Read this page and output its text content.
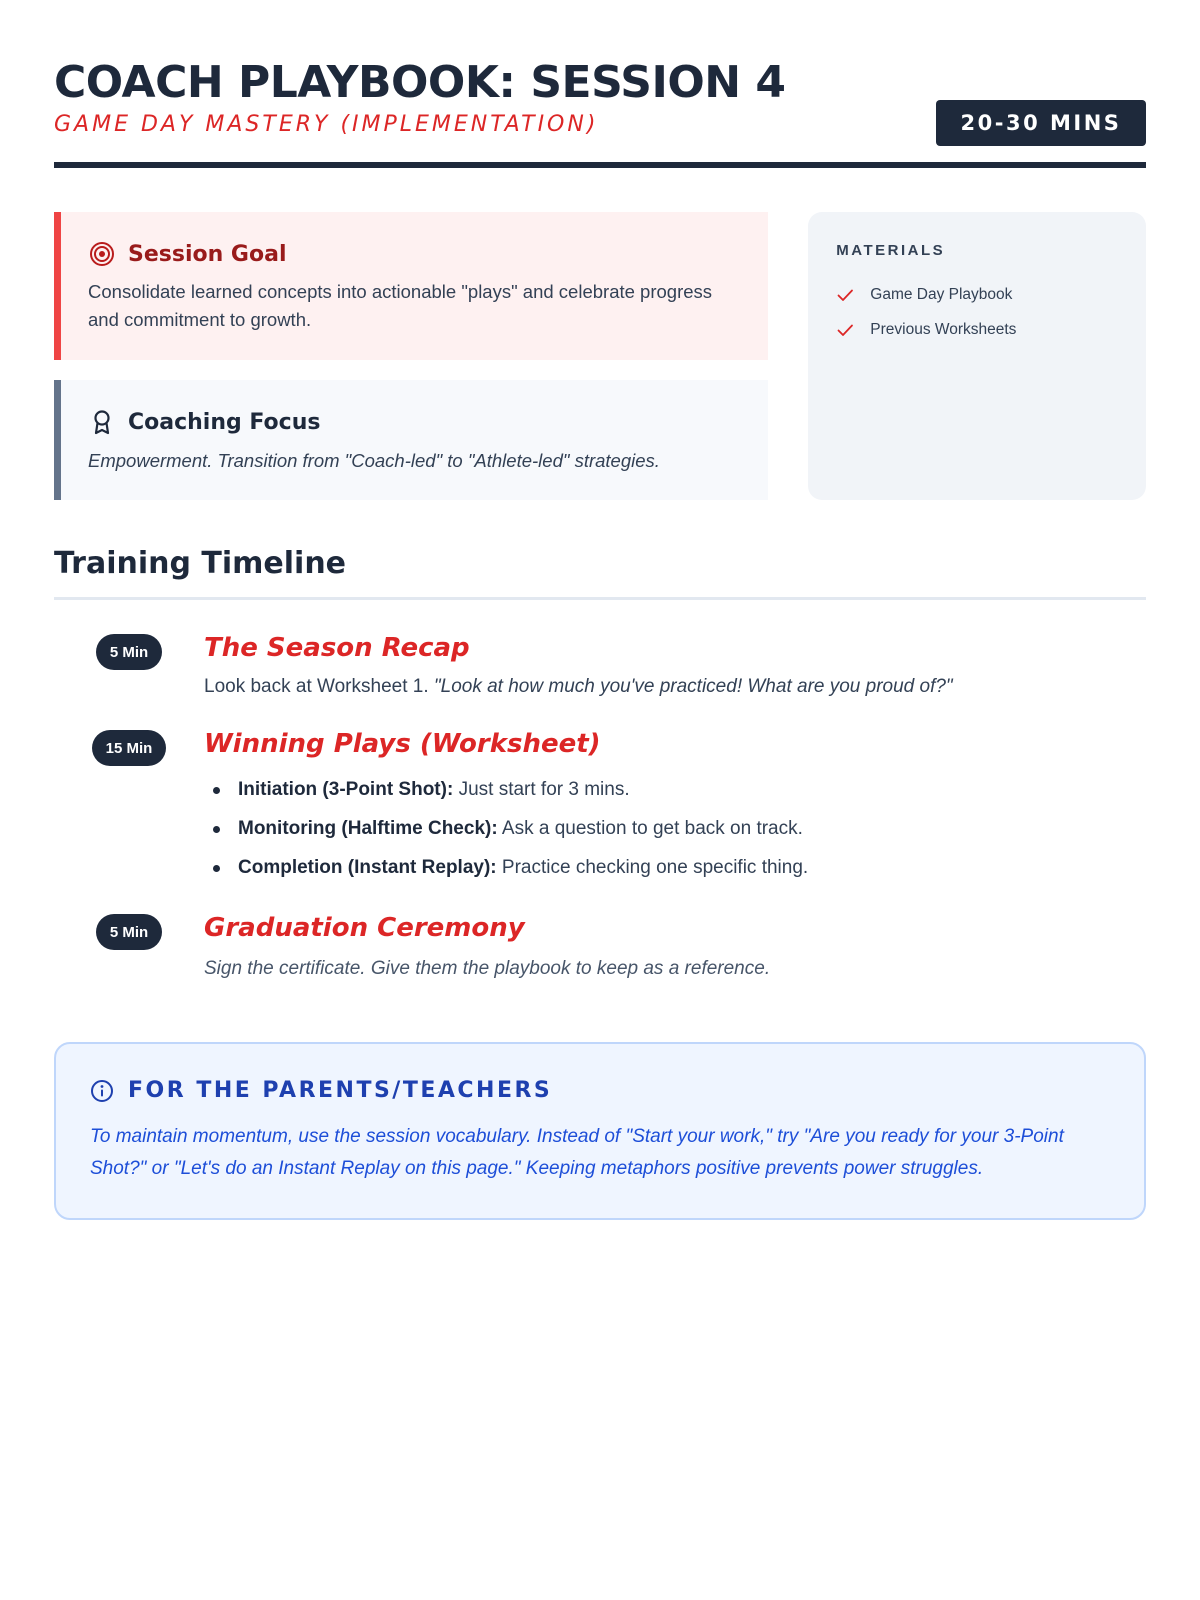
COACH PLAYBOOK: SESSION 4
GAME DAY MASTERY (IMPLEMENTATION)	20-30 MINS
Session Goal

Consolidate learned concepts into actionable "plays" and celebrate progress and commitment to growth.

Coaching Focus

Empowerment. Transition from "Coach-led" to "Athlete-led" strategies.

MATERIALS
Game Day Playbook
Previous Worksheets
Training Timeline
5 Min	The Season Recap

Look back at Worksheet 1. "Look at how much you've practiced! What are you proud of?"

15 Min	Winning Plays (Worksheet)
Initiation (3-Point Shot): Just start for 3 mins.
Monitoring (Halftime Check): Ask a question to get back on track.
Completion (Instant Replay): Practice checking one specific thing.
5 Min	Graduation Ceremony

Sign the certificate. Give them the playbook to keep as a reference.

FOR THE PARENTS/TEACHERS

To maintain momentum, use the session vocabulary. Instead of "Start your work," try "Are you ready for your 3-Point Shot?" or "Let's do an Instant Replay on this page." Keeping metaphors positive prevents power struggles.
